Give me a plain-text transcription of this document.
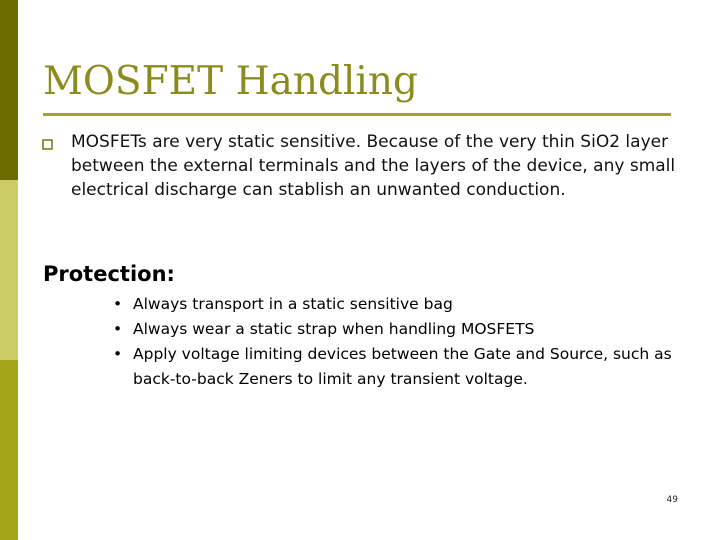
MOSFET Handling

MOSFETs are very static sensitive. Because of the very thin SiO2 layer between the external terminals and the layers of the device, any small electrical discharge can stablish an unwanted conduction.

Protection:
• Always transport in a static sensitive bag
• Always wear a static strap when handling MOSFETS
• Apply voltage limiting devices between the Gate and Source, such as back-to-back Zeners to limit any transient voltage.
49
